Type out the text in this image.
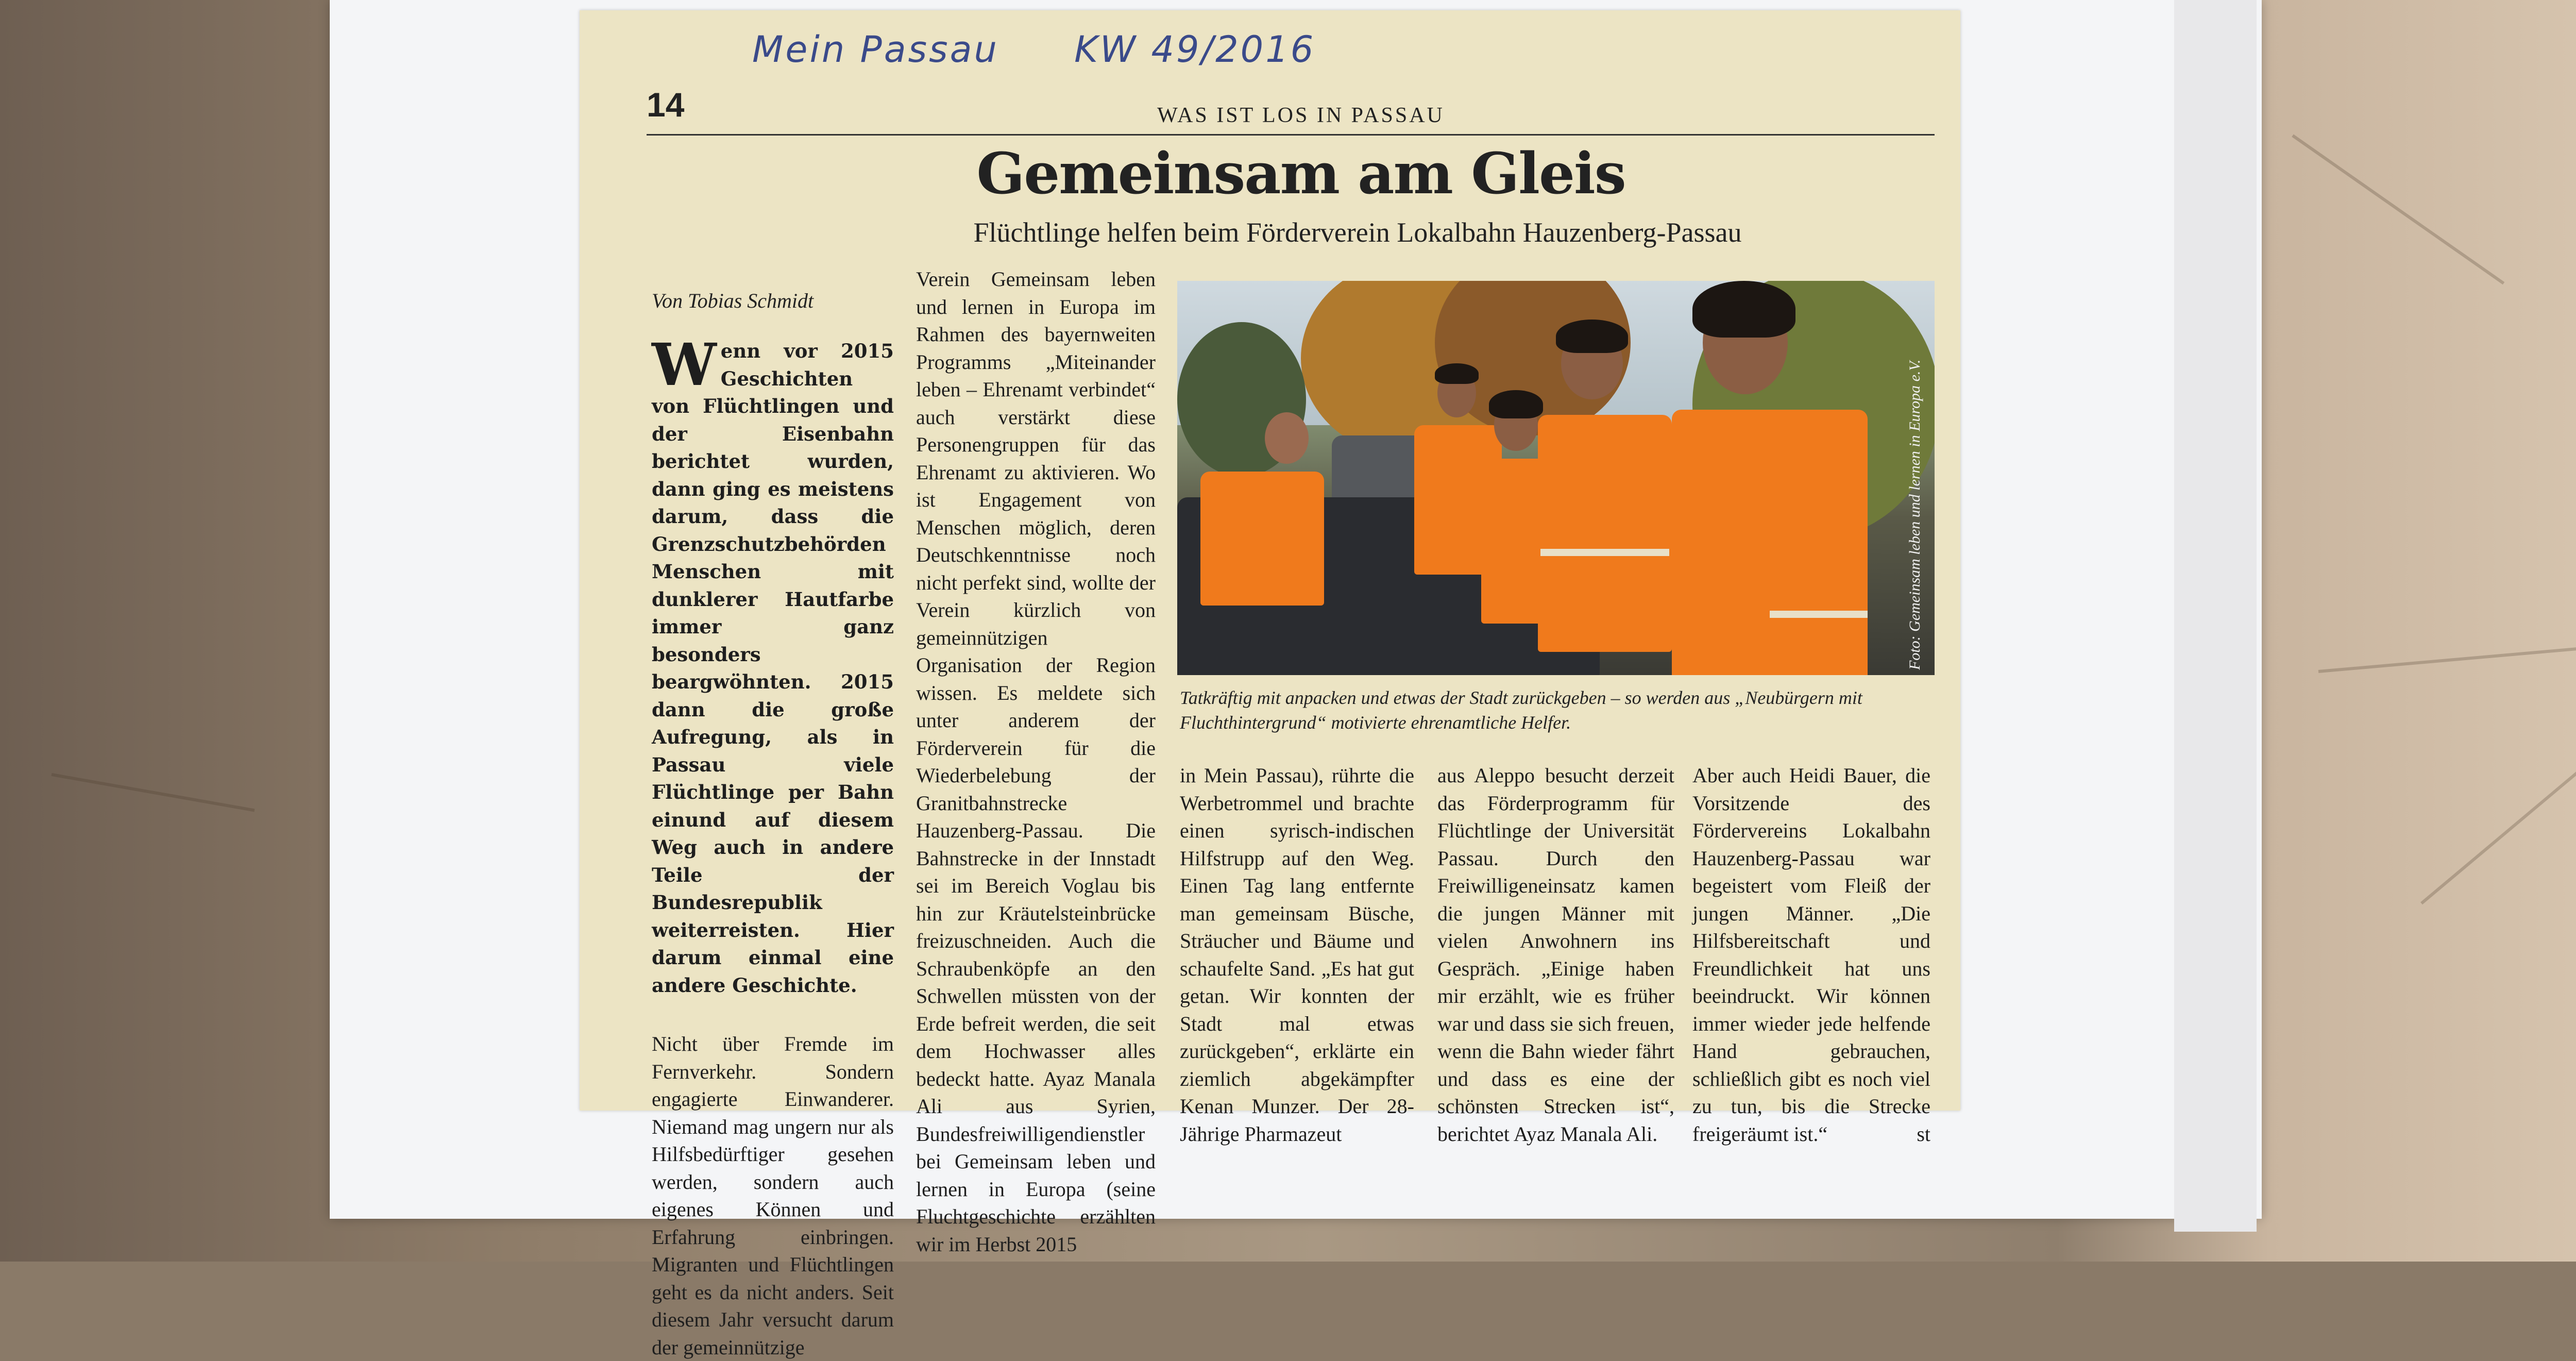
Mein Passau KW 49/2016
14	WAS IST LOS IN PASSAU
Gemeinsam am Gleis
Flüchtlinge helfen beim Förderverein Lokalbahn Hauzenberg-Passau
Von Tobias Schmidt

Wenn vor 2015 Geschichten von Flüchtlingen und der Eisenbahn berichtet wurden, dann ging es meistens darum, dass die Grenzschutzbehörden Menschen mit dunklerer Hautfarbe immer ganz besonders beargwöhnten. 2015 dann die große Aufregung, als in Passau viele Flüchtlinge per Bahn einund auf diesem Weg auch in andere Teile der Bundesrepublik weiterreisten. Hier darum einmal eine andere Geschichte.

Nicht über Fremde im Fernverkehr. Sondern engagierte Einwanderer. Niemand mag ungern nur als Hilfsbedürftiger gesehen werden, sondern auch eigenes Können und Erfahrung einbringen. Migranten und Flüchtlingen geht es da nicht anders. Seit diesem Jahr versucht darum der gemeinnützige

Verein Gemeinsam leben und lernen in Europa im Rahmen des bayernweiten Programms „Miteinander leben – Ehrenamt verbindet“ auch verstärkt diese Personengruppen für das Ehrenamt zu aktivieren. Wo ist Engagement von Menschen möglich, deren Deutschkenntnisse noch nicht perfekt sind, wollte der Verein kürzlich von gemeinnützigen Organisation der Region wissen. Es meldete sich unter anderem der Förderverein für die Wiederbelebung der Granitbahnstrecke Hauzenberg-Passau. Die Bahnstrecke in der Innstadt sei im Bereich Voglau bis hin zur Kräutelsteinbrücke freizuschneiden. Auch die Schraubenköpfe an den Schwellen müssten von der Erde befreit werden, die seit dem Hochwasser alles bedeckt hatte. Ayaz Manala Ali aus Syrien, Bundesfreiwilligendienstler bei Gemeinsam leben und lernen in Europa (seine Fluchtgeschichte erzählten wir im Herbst 2015

Foto: Gemeinsam leben und lernen in Europa e.V.
Tatkräftig mit anpacken und etwas der Stadt zurückgeben – so werden aus „Neubürgern mit Fluchthintergrund“ motivierte ehrenamtliche Helfer.

in Mein Passau), rührte die Werbetrommel und brachte einen syrisch-indischen Hilfstrupp auf den Weg. Einen Tag lang entfernte man gemeinsam Büsche, Sträucher und Bäume und schaufelte Sand. „Es hat gut getan. Wir konnten der Stadt mal etwas zurückgeben“, erklärte ein ziemlich abgekämpfter Kenan Munzer. Der 28-Jährige Pharmazeut

aus Aleppo besucht derzeit das Förderprogramm für Flüchtlinge der Universität Passau. Durch den Freiwilligeneinsatz kamen die jungen Männer mit vielen Anwohnern ins Gespräch. „Einige haben mir erzählt, wie es früher war und dass sie sich freuen, wenn die Bahn wieder fährt und dass es eine der schönsten Strecken ist“, berichtet Ayaz Manala Ali.

Aber auch Heidi Bauer, die Vorsitzende des Fördervereins Lokalbahn Hauzenberg-Passau war begeistert vom Fleiß der jungen Männer. „Die Hilfsbereitschaft und Freundlichkeit hat uns beeindruckt. Wir können immer wieder jede helfende Hand gebrauchen, schließlich gibt es noch viel zu tun, bis die Strecke freigeräumt ist.“	st
